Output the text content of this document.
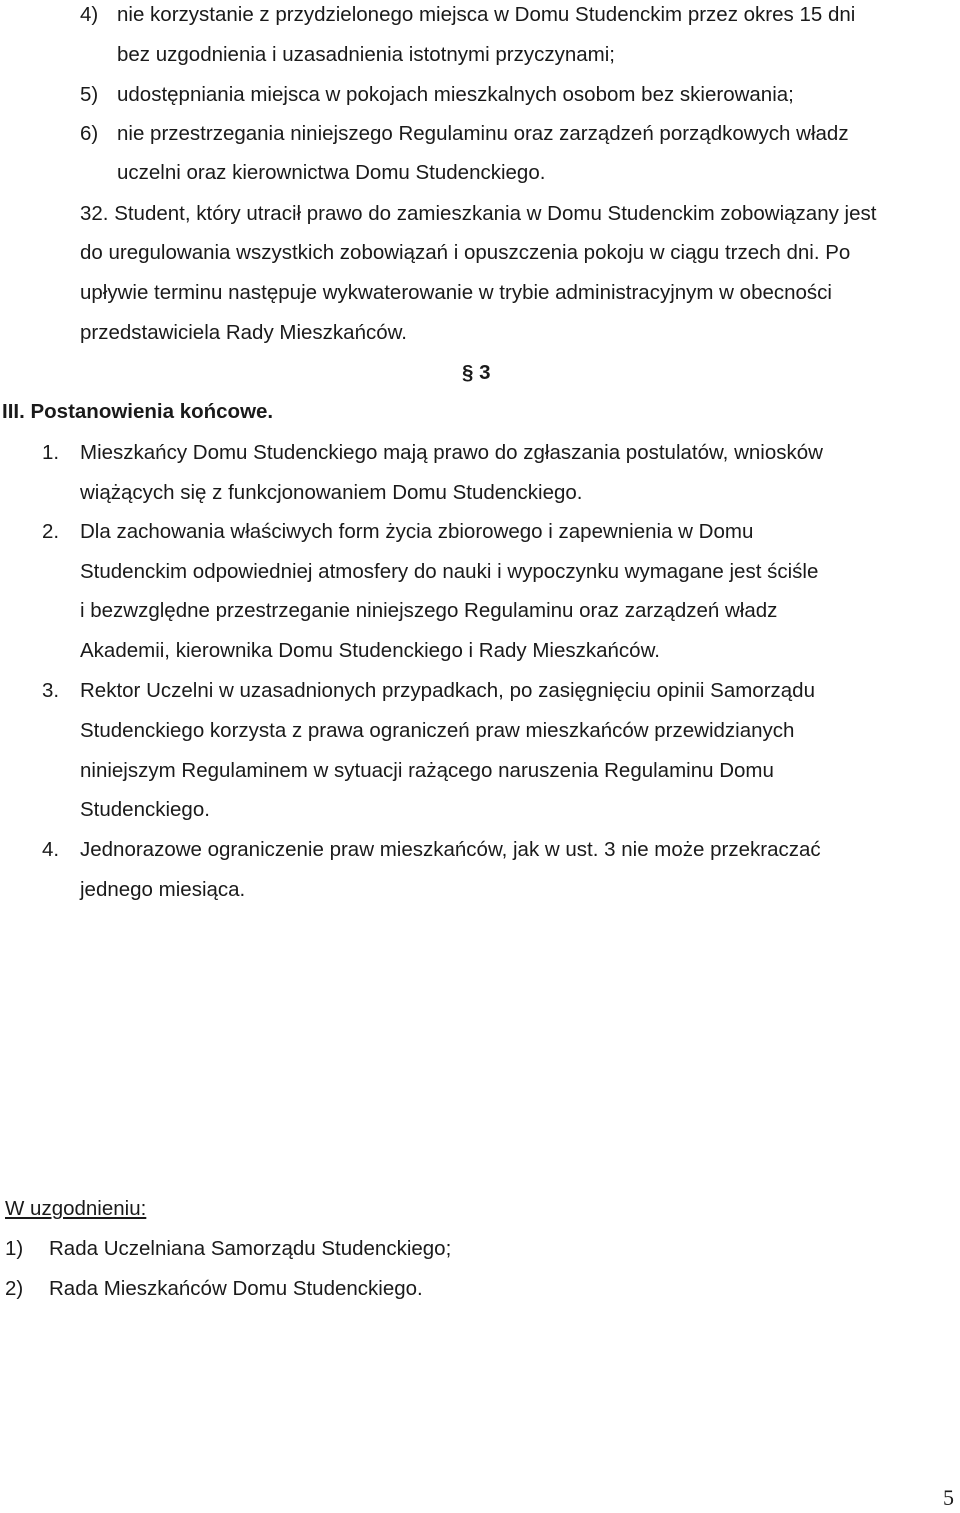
4) nie korzystanie z przydzielonego miejsca w Domu Studenckim przez okres 15 dni
bez uzgodnienia i uzasadnienia istotnymi przyczynami;
5) udostępniania miejsca w pokojach mieszkalnych osobom bez skierowania;
6) nie przestrzegania niniejszego Regulaminu oraz zarządzeń porządkowych władz
uczelni oraz kierownictwa Domu Studenckiego.
32. Student, który utracił prawo do zamieszkania w Domu Studenckim zobowiązany jest
do uregulowania wszystkich zobowiązań i opuszczenia pokoju w ciągu trzech dni. Po
upływie terminu następuje wykwaterowanie w trybie administracyjnym w obecności
przedstawiciela Rady Mieszkańców.
§ 3
III. Postanowienia końcowe.
1. Mieszkańcy Domu Studenckiego mają prawo do zgłaszania postulatów, wniosków
wiążących się z funkcjonowaniem Domu Studenckiego.
2. Dla zachowania właściwych form życia zbiorowego i zapewnienia w Domu
Studenckim odpowiedniej atmosfery do nauki i wypoczynku wymagane jest ściśle
i bezwzględne przestrzeganie niniejszego Regulaminu oraz zarządzeń władz
Akademii, kierownika Domu Studenckiego i Rady Mieszkańców.
3. Rektor Uczelni w uzasadnionych przypadkach, po zasięgnięciu opinii Samorządu
Studenckiego korzysta z prawa ograniczeń praw mieszkańców przewidzianych
niniejszym Regulaminem w sytuacji rażącego naruszenia Regulaminu Domu
Studenckiego.
4. Jednorazowe ograniczenie praw mieszkańców, jak w ust. 3 nie może przekraczać
jednego miesiąca.
W uzgodnieniu:
1) Rada Uczelniana Samorządu Studenckiego;
2) Rada Mieszkańców Domu Studenckiego.
5
